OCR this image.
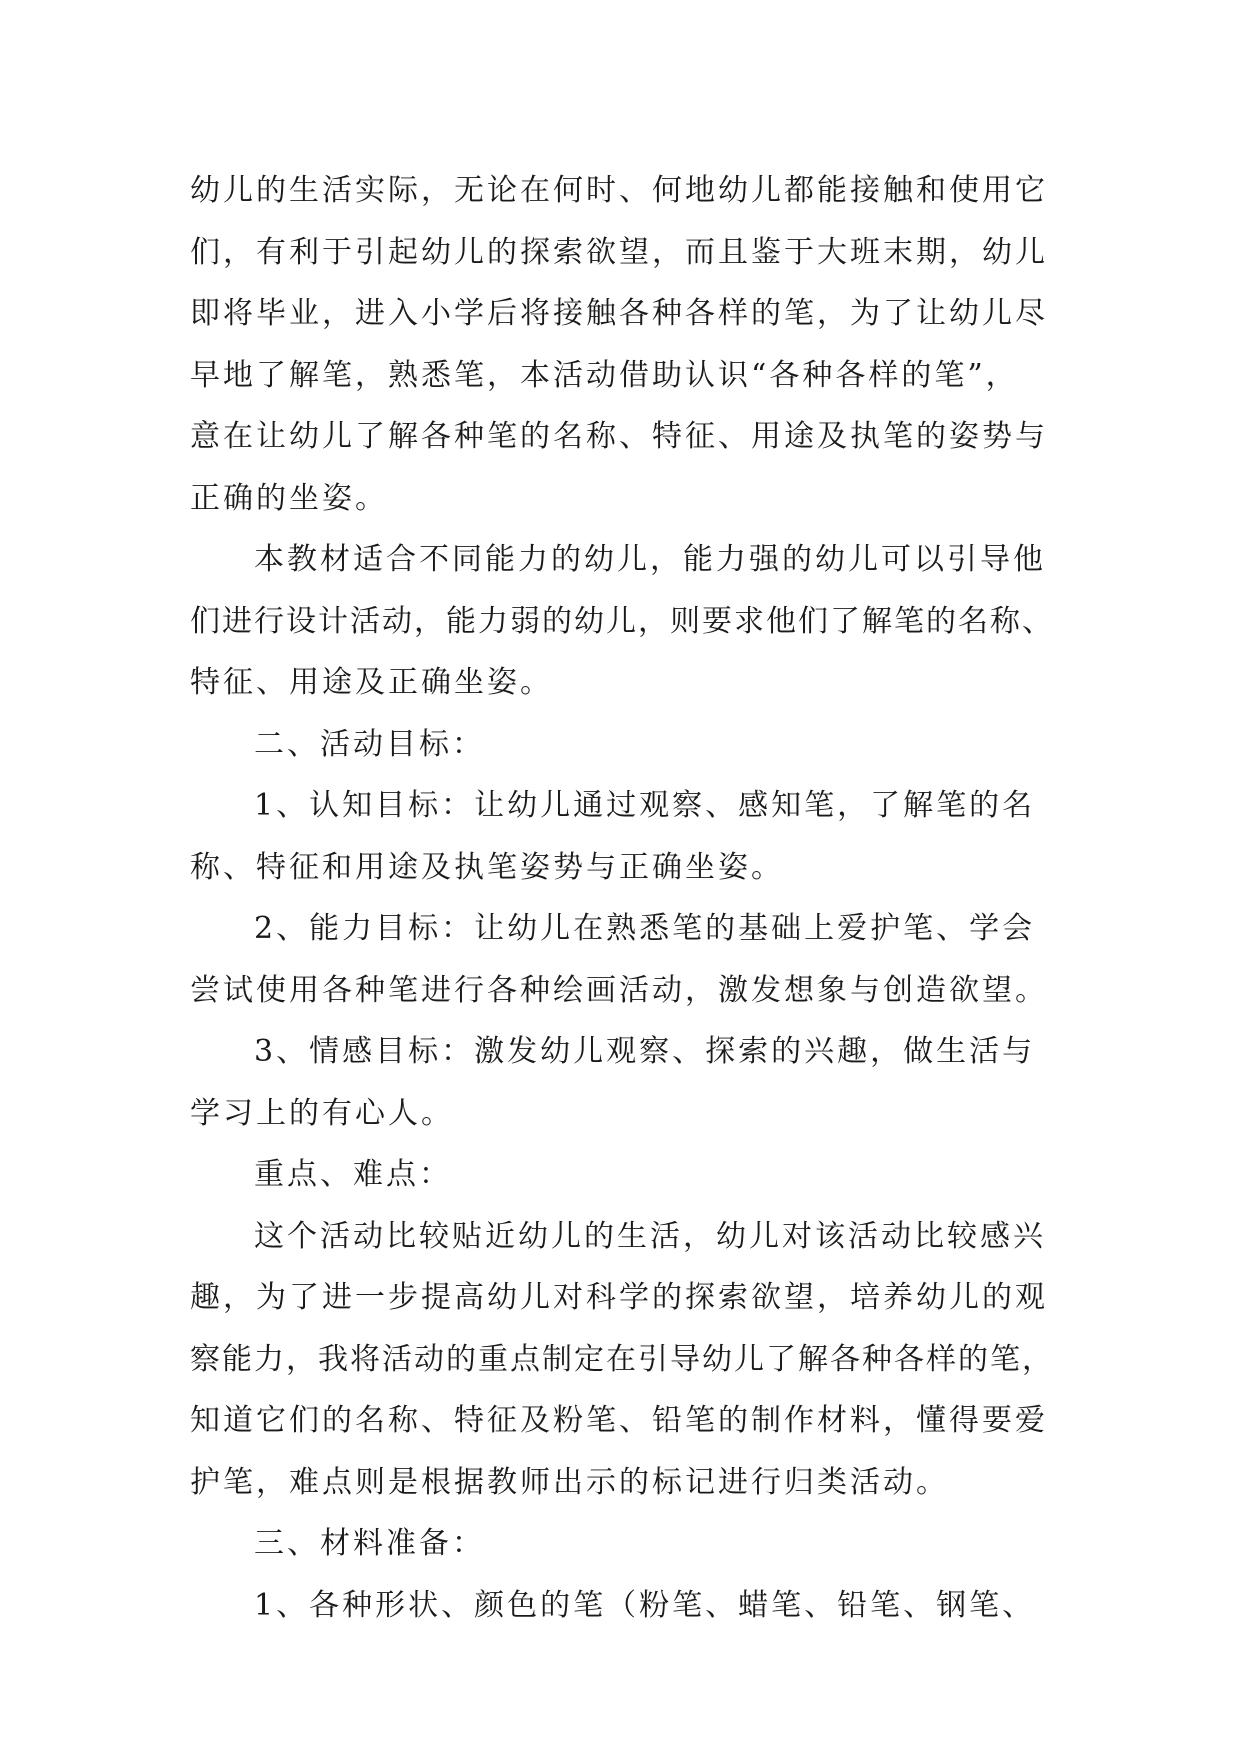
幼儿的生活实际，无论在何时、何地幼儿都能接触和使用它
们，有利于引起幼儿的探索欲望，而且鉴于大班末期，幼儿
即将毕业，进入小学后将接触各种各样的笔，为了让幼儿尽
早地了解笔，熟悉笔，本活动借助认识“各种各样的笔”，
意在让幼儿了解各种笔的名称、特征、用途及执笔的姿势与
正确的坐姿。
本教材适合不同能力的幼儿，能力强的幼儿可以引导他
们进行设计活动，能力弱的幼儿，则要求他们了解笔的名称、
特征、用途及正确坐姿。
二、活动目标：
1、认知目标：让幼儿通过观察、感知笔，了解笔的名
称、特征和用途及执笔姿势与正确坐姿。
2、能力目标：让幼儿在熟悉笔的基础上爱护笔、学会
尝试使用各种笔进行各种绘画活动，激发想象与创造欲望。
3、情感目标：激发幼儿观察、探索的兴趣，做生活与
学习上的有心人。
重点、难点：
这个活动比较贴近幼儿的生活，幼儿对该活动比较感兴
趣，为了进一步提高幼儿对科学的探索欲望，培养幼儿的观
察能力，我将活动的重点制定在引导幼儿了解各种各样的笔，
知道它们的名称、特征及粉笔、铅笔的制作材料，懂得要爱
护笔，难点则是根据教师出示的标记进行归类活动。
三、材料准备：
1、各种形状、颜色的笔（粉笔、蜡笔、铅笔、钢笔、
